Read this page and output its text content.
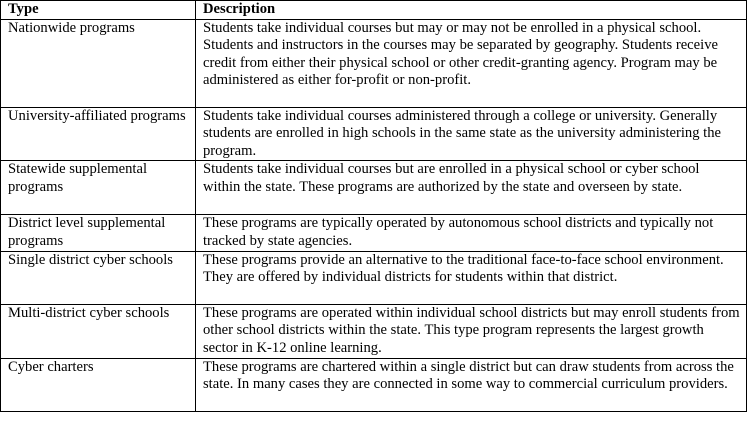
Type	Description
Nationwide programs	Students take individual courses but may or may not be enrolled in a physical school. Students and instructors in the courses may be separated by geography. Students receive credit from either their physical school or other credit-granting agency. Program may be administered as either for-profit or non-profit.
University-affiliated programs	Students take individual courses administered through a college or university. Generally students are enrolled in high schools in the same state as the university administering the program.
Statewide supplemental programs	Students take individual courses but are enrolled in a physical school or cyber school within the state. These programs are authorized by the state and overseen by state.
District level supplemental programs	These programs are typically operated by autonomous school districts and typically not tracked by state agencies.
Single district cyber schools	These programs provide an alternative to the traditional face-to-face school environment. They are offered by individual districts for students within that district.
Multi-district cyber schools	These programs are operated within individual school districts but may enroll students from other school districts within the state. This type program represents the largest growth sector in K-12 online learning.
Cyber charters	These programs are chartered within a single district but can draw students from across the state. In many cases they are connected in some way to commercial curriculum providers.
